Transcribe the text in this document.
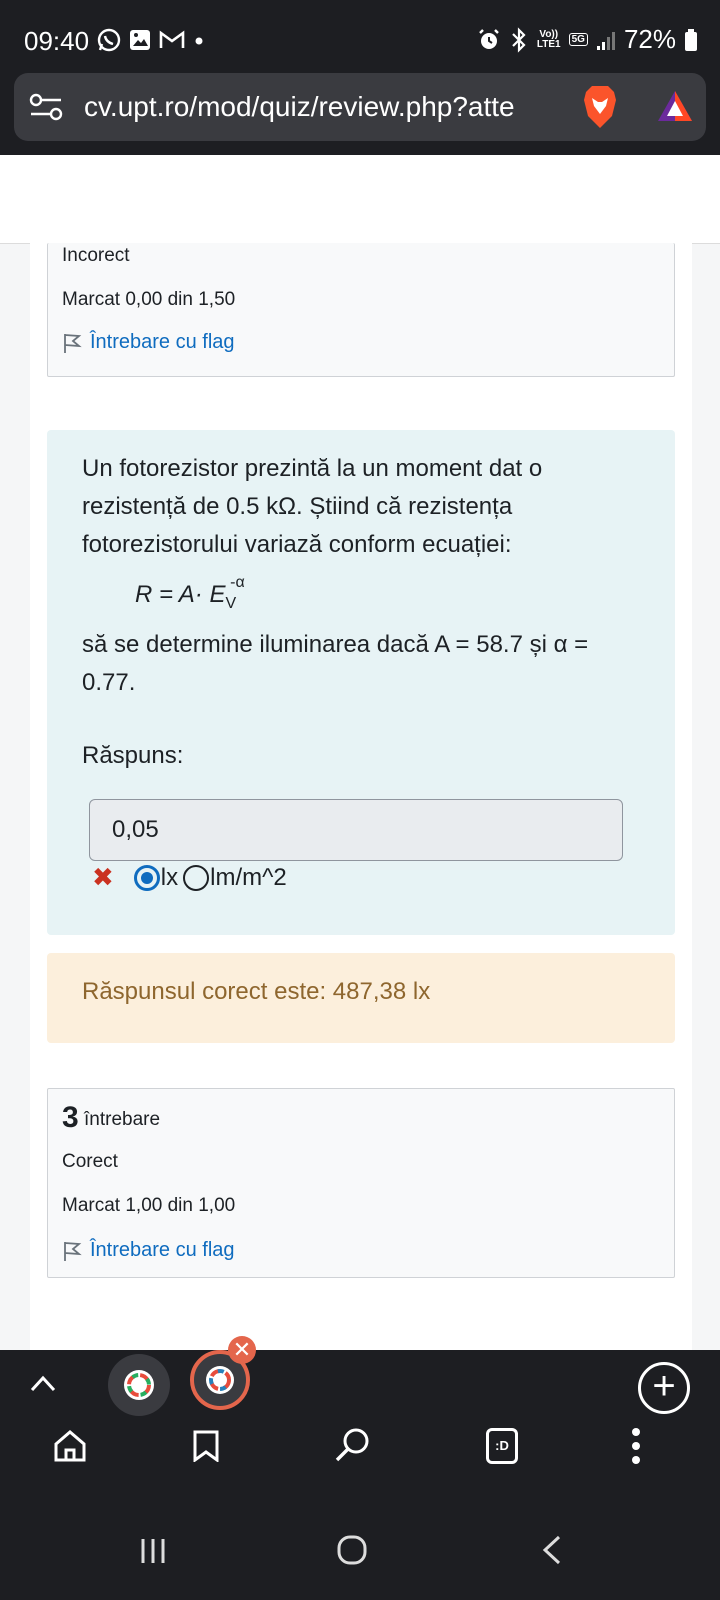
09:40	Vo))
LTE1	5G 72%
cv.upt.ro/mod/quiz/review.php?atte
Incorect
Marcat 0,00 din 1,50
Întrebare cu flag
Un fotorezistor prezintă la un moment dat o rezistență de 0.5 kΩ. Știind că rezistența fotorezistorului variază conform ecuației:
$R = A\cdot E_V^{-\alpha}$
să se determine iluminarea dacă A = 58.7 și α = 0.77.
Răspuns:
0,05
✖ lx lm/m^2
Răspunsul corect este: 487,38 lx
3 întrebare
Corect
Marcat 1,00 din 1,00
Întrebare cu flag
✕
+
:D
